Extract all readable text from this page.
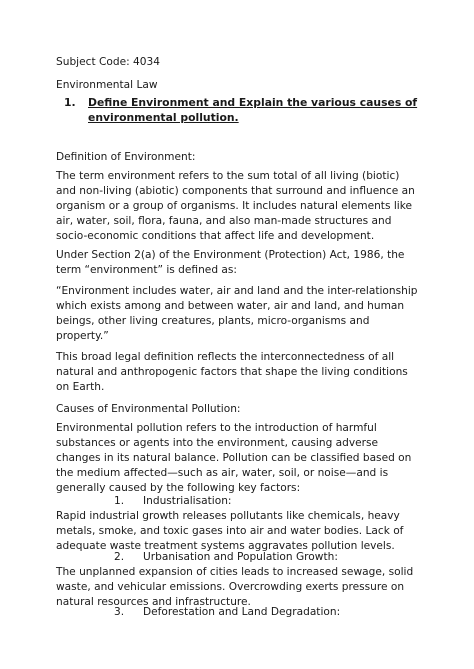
Subject Code: 4034
Environmental Law
1. Define Environment and Explain the various causes of
environmental pollution.
Definition of Environment:
The term environment refers to the sum total of all living (biotic)
and non-living (abiotic) components that surround and influence an
organism or a group of organisms. It includes natural elements like
air, water, soil, flora, fauna, and also man-made structures and
socio-economic conditions that affect life and development.
Under Section 2(a) of the Environment (Protection) Act, 1986, the
term “environment” is defined as:
“Environment includes water, air and land and the inter-relationship
which exists among and between water, air and land, and human
beings, other living creatures, plants, micro-organisms and
property.”
This broad legal definition reflects the interconnectedness of all
natural and anthropogenic factors that shape the living conditions
on Earth.
Causes of Environmental Pollution:
Environmental pollution refers to the introduction of harmful
substances or agents into the environment, causing adverse
changes in its natural balance. Pollution can be classified based on
the medium affected—such as air, water, soil, or noise—and is
generally caused by the following key factors:
1. Industrialisation:
Rapid industrial growth releases pollutants like chemicals, heavy
metals, smoke, and toxic gases into air and water bodies. Lack of
adequate waste treatment systems aggravates pollution levels.
2. Urbanisation and Population Growth:
The unplanned expansion of cities leads to increased sewage, solid
waste, and vehicular emissions. Overcrowding exerts pressure on
natural resources and infrastructure.
3. Deforestation and Land Degradation:
